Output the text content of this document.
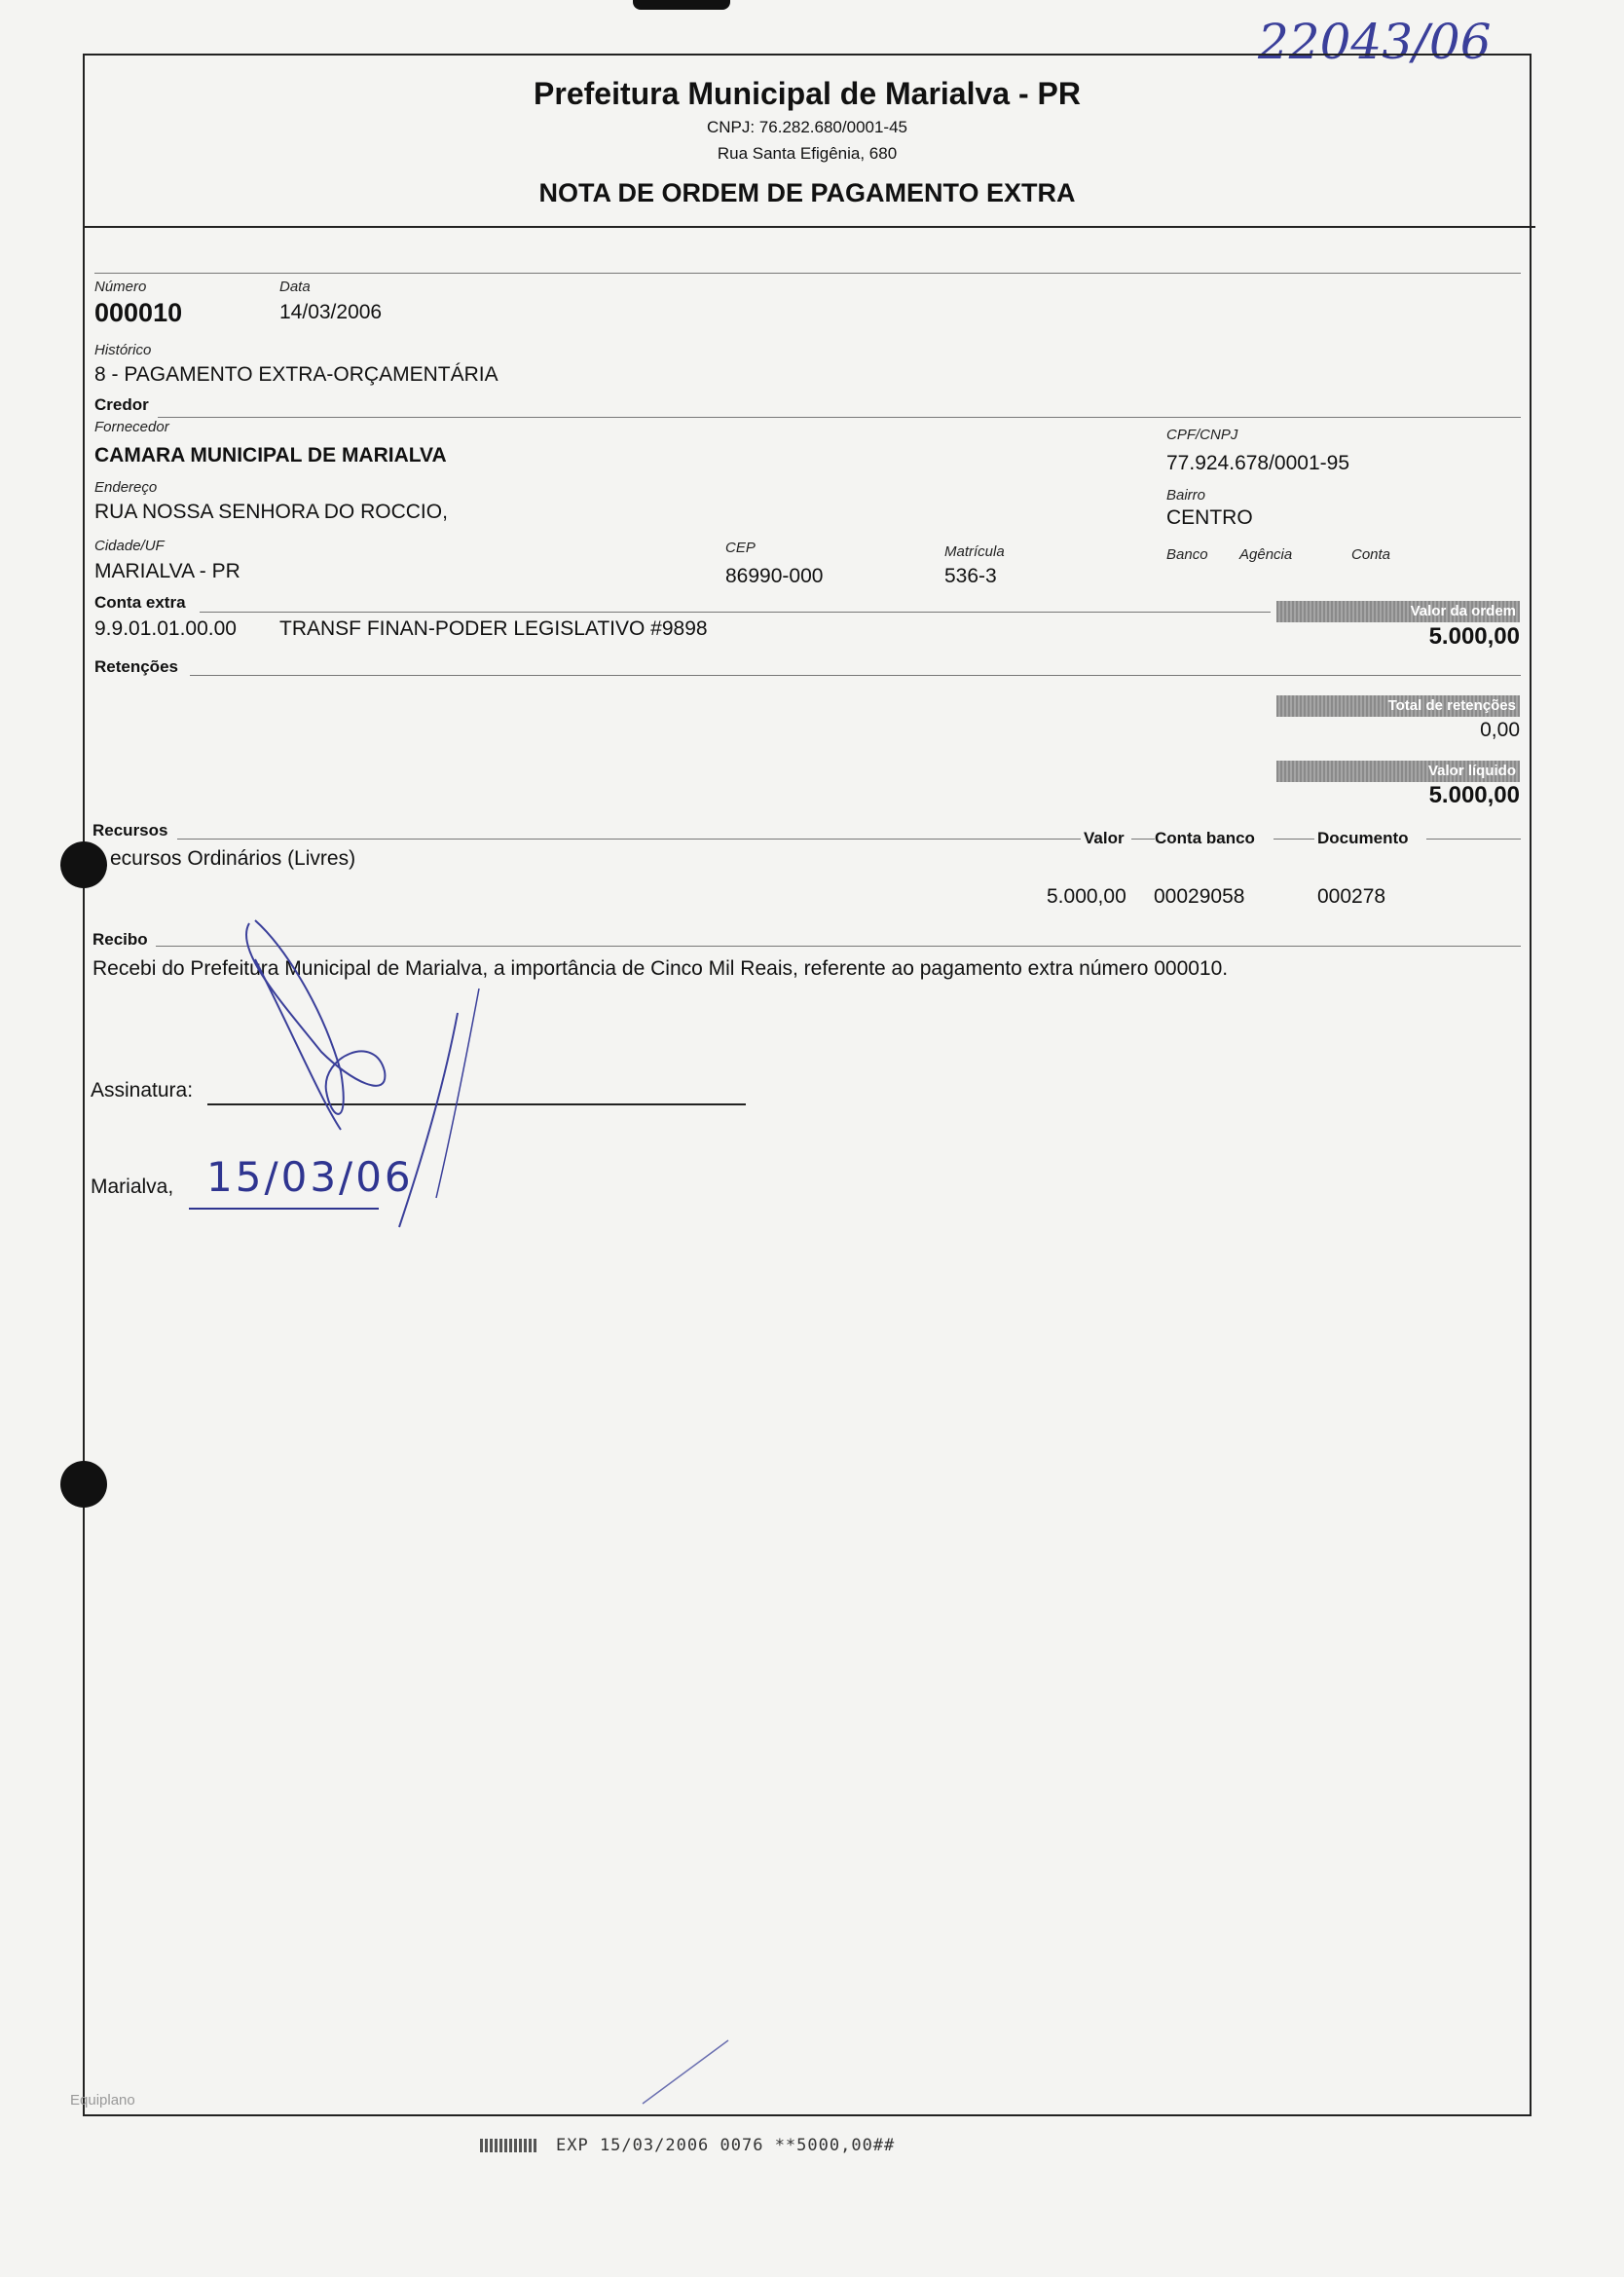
22043/06
Prefeitura Municipal de Marialva - PR
CNPJ: 76.282.680/0001-45
Rua Santa Efigênia, 680
NOTA DE ORDEM DE PAGAMENTO EXTRA
Número
000010
Data
14/03/2006
Histórico
8 - PAGAMENTO EXTRA-ORÇAMENTÁRIA
Credor
Fornecedor
CAMARA MUNICIPAL DE MARIALVA
CPF/CNPJ
77.924.678/0001-95
Endereço
RUA NOSSA SENHORA DO ROCCIO,
Bairro
CENTRO
Cidade/UF
MARIALVA - PR
CEP
86990-000
Matrícula
536-3
Banco Agência	Conta
Conta extra
9.9.01.01.00.00 TRANSF FINAN-PODER LEGISLATIVO #9898
Valor da ordem
5.000,00
Retenções
Total de retenções
0,00
Valor líquido
5.000,00
Recursos	Valor Conta banco	Documento
ecursos Ordinários (Livres)
5.000,00 00029058	000278
Recibo
Recebi do Prefeitura Municipal de Marialva, a importância de Cinco Mil Reais, referente ao pagamento extra número 000010.
Assinatura:
Marialva, 15/03/06
Equiplano
EXP 15/03/2006 0076 **5000,00##
